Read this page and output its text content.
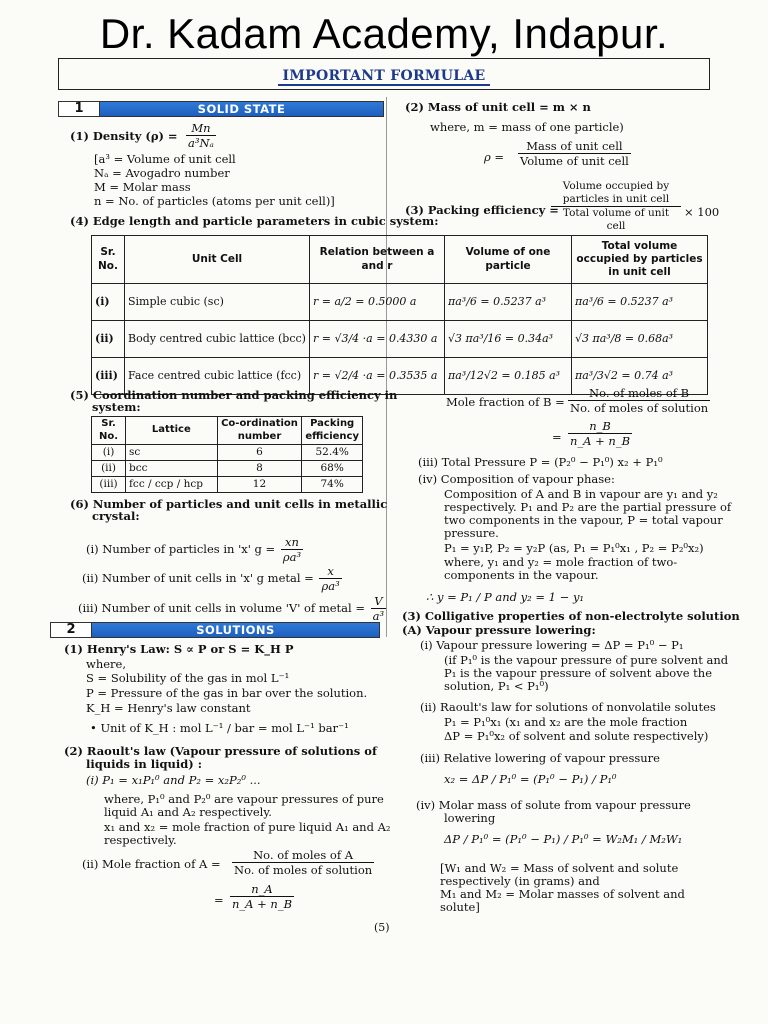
Dr. Kadam Academy, Indapur.
IMPORTANT FORMULAE
1	SOLID STATE
(1) Density $(\rho) = \frac{Mn}{\text{a³Nₐ}}$
[a³ = Volume of unit cell
Nₐ = Avogadro number
M = Molar mass
n = No. of particles (atoms per unit cell)]
(2) Mass of unit cell = m × n
where, m = mass of one particle)
$\rho = \frac{\text{Mass of unit cell}}{\text{Volume of unit cell}}$
(3) Packing efficiency =
$\frac{\text{Volume occupied by particles in unit cell}}{\text{Total volume of unit cell}} \times 100$
(4) Edge length and particle parameters in cubic system:
Sr. No.	Unit Cell	Relation between a and r	Volume of one particle	Total volume occupied by particles in unit cell
(i)	Simple cubic (sc)	r = a/2 = 0.5000 a	πa³/6 = 0.5237 a³	πa³/6 = 0.5237 a³
(ii)	Body centred cubic lattice (bcc)	r = √3/4 ·a = 0.4330 a	√3 πa³/16 = 0.34a³	√3 πa³/8 = 0.68a³
(iii)	Face centred cubic lattice (fcc)	r = √2/4 ·a = 0.3535 a	πa³/12√2 = 0.185 a³	πa³/3√2 = 0.74 a³
(5) Coordination number and packing efficiency in
system:
Sr. No.	Lattice	Co-ordination number	Packing efficiency
(i)	sc	6	52.4%
(ii)	bcc	8	68%
(iii)	fcc / ccp / hcp	12	74%
(6) Number of particles and unit cells in metallic
crystal:
(i) Number of particles in 'x' $g = \frac{xn}{\text{ρa³}}$
(ii) Number of unit cells in 'x' g metal = $\frac{x}{\text{ρa³}}$
(iii) Number of unit cells in volume 'V' of metal = $\frac{V}{\text{a³}}$
2	SOLUTIONS
(1) Henry's Law: S ∝ P or S = K_H P
where,
S = Solubility of the gas in mol L⁻¹
P = Pressure of the gas in bar over the solution.
K_H = Henry's law constant
• Unit of K_H : mol L⁻¹ / bar = mol L⁻¹ bar⁻¹
(2) Raoult's law (Vapour pressure of solutions of
liquids in liquid) :
(i) P₁ = x₁P₁⁰ and P₂ = x₂P₂⁰ ...
where, P₁⁰ and P₂⁰ are vapour pressures of pure
liquid A₁ and A₂ respectively.
x₁ and x₂ = mole fraction of pure liquid A₁ and A₂
respectively.
(ii) Mole fraction of $A = \frac{\text{No. of moles of A}}{\text{No. of moles of solution}}$
= $\frac{n\_A}{n\_A + n\_B}$
Mole fraction of $B = \frac{\text{No. of moles of B}}{\text{No. of moles of solution}}$
= $\frac{n\_B}{n\_A + n\_B}$
(iii) Total Pressure P = (P₂⁰ − P₁⁰) x₂ + P₁⁰
(iv) Composition of vapour phase:
Composition of A and B in vapour are y₁ and y₂
respectively. P₁ and P₂ are the partial pressure of
two components in the vapour, P = total vapour
pressure.
P₁ = y₁P, P₂ = y₂P (as, P₁ = P₁⁰x₁ , P₂ = P₂⁰x₂)
where, y₁ and y₂ = mole fraction of two-
components in the vapour.
∴ y = P₁ / P and y₂ = 1 − y₁
(3) Colligative properties of non-electrolyte solution
(A) Vapour pressure lowering:
(i) Vapour pressure lowering = ΔP = P₁⁰ − P₁
(if P₁⁰ is the vapour pressure of pure solvent and
P₁ is the vapour pressure of solvent above the
solution, P₁ < P₁⁰)
(ii) Raoult's law for solutions of nonvolatile solutes
P₁ = P₁⁰x₁ (x₁ and x₂ are the mole fraction
ΔP = P₁⁰x₂ of solvent and solute respectively)
(iii) Relative lowering of vapour pressure
x₂ = ΔP / P₁⁰ = (P₁⁰ − P₁) / P₁⁰
(iv) Molar mass of solute from vapour pressure
lowering
ΔP / P₁⁰ = (P₁⁰ − P₁) / P₁⁰ = W₂M₁ / M₂W₁
[W₁ and W₂ = Mass of solvent and solute
respectively (in grams) and
M₁ and M₂ = Molar masses of solvent and
solute]
(5)
